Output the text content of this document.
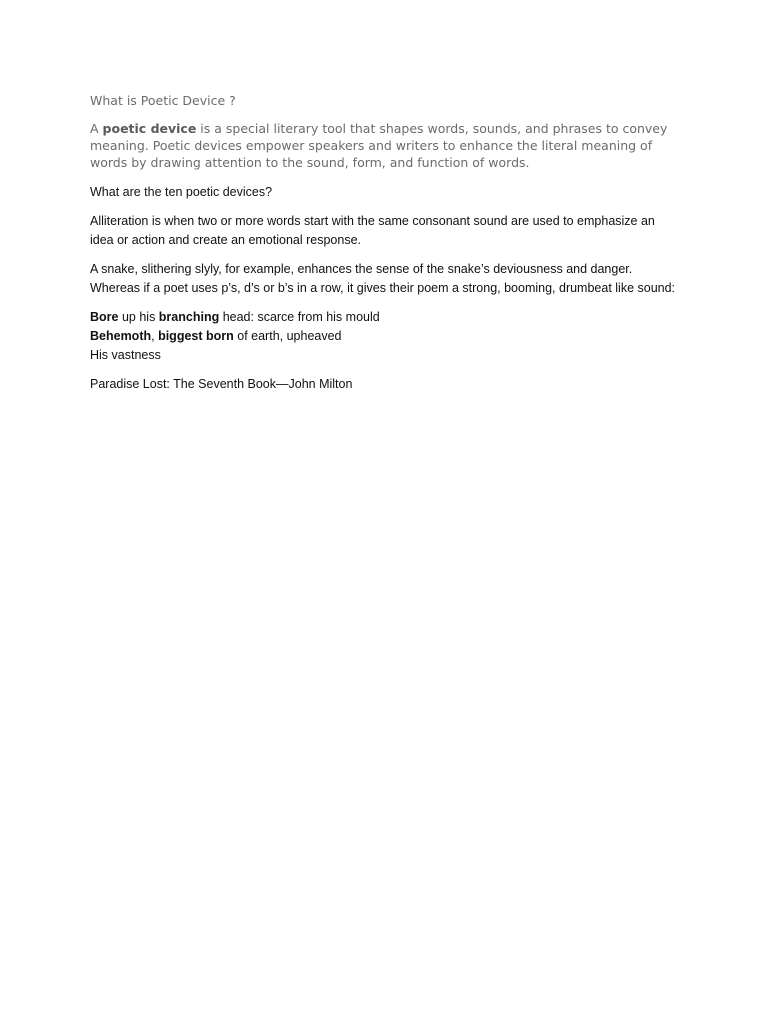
What is Poetic Device ?

A poetic device is a special literary tool that shapes words, sounds, and phrases to convey meaning. Poetic devices empower speakers and writers to enhance the literal meaning of words by drawing attention to the sound, form, and function of words.

What are the ten poetic devices?

Alliteration is when two or more words start with the same consonant sound are used to emphasize an idea or action and create an emotional response.

A snake, slithering slyly, for example, enhances the sense of the snake’s deviousness and danger. Whereas if a poet uses p’s, d’s or b’s in a row, it gives their poem a strong, booming, drumbeat like sound:

Bore up his branching head: scarce from his mould
Behemoth, biggest born of earth, upheaved
His vastness

Paradise Lost: The Seventh Book—John Milton
